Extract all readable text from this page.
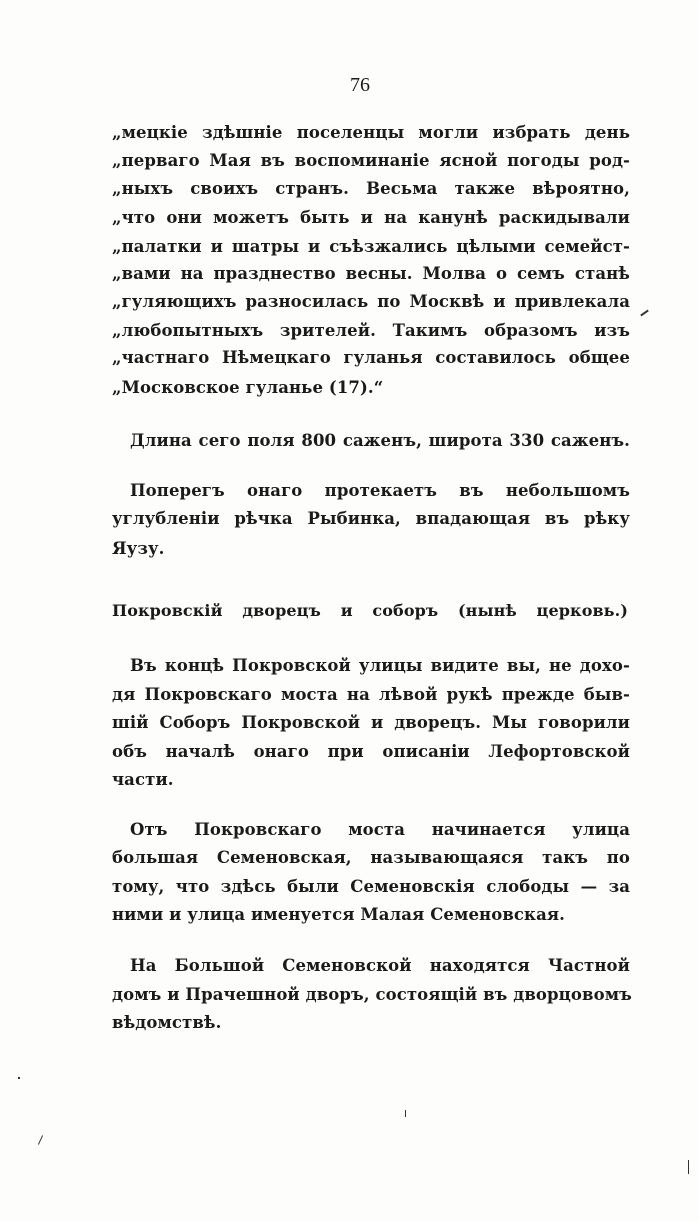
76
„мецкіе здѣшніе поселенцы могли избрать день
„перваго Мая въ воспоминаніе ясной погоды род-
„ныхъ своихъ странъ. Весьма также вѣроятно,
„что они можетъ быть и на канунѣ раскидывали
„палатки и шатры и съѣзжались цѣлыми семейст-
„вами на празднество весны. Молва о семъ станѣ
„гуляющихъ разносилась по Москвѣ и привлекала
„любопытныхъ зрителей. Такимъ образомъ изъ
„частнаго Нѣмецкаго гуланья составилось общее
„Московское гуланье (17).“
Длина сего поля 800 саженъ, широта 330 саженъ.
Поперегъ онаго протекаетъ въ небольшомъ
углубленіи рѣчка Рыбинка, впадающая въ рѣку
Яузу.
Покровскій дворецъ и соборъ (нынѣ церковь.)
Въ концѣ Покровской улицы видите вы, не дохо-
дя Покровскаго моста на лѣвой рукѣ прежде быв-
шій Соборъ Покровской и дворецъ. Мы говорили
объ началѣ онаго при описаніи Лефортовской
части.
Отъ Покровскаго моста начинается улица
большая Семеновская, называющаяся такъ по
тому, что здѣсь были Семеновскія слободы — за
ними и улица именуется Малая Семеновская.
На Большой Семеновской находятся Частной
домъ и Прачешной дворъ, состоящій въ дворцовомъ
вѣдомствѣ.
